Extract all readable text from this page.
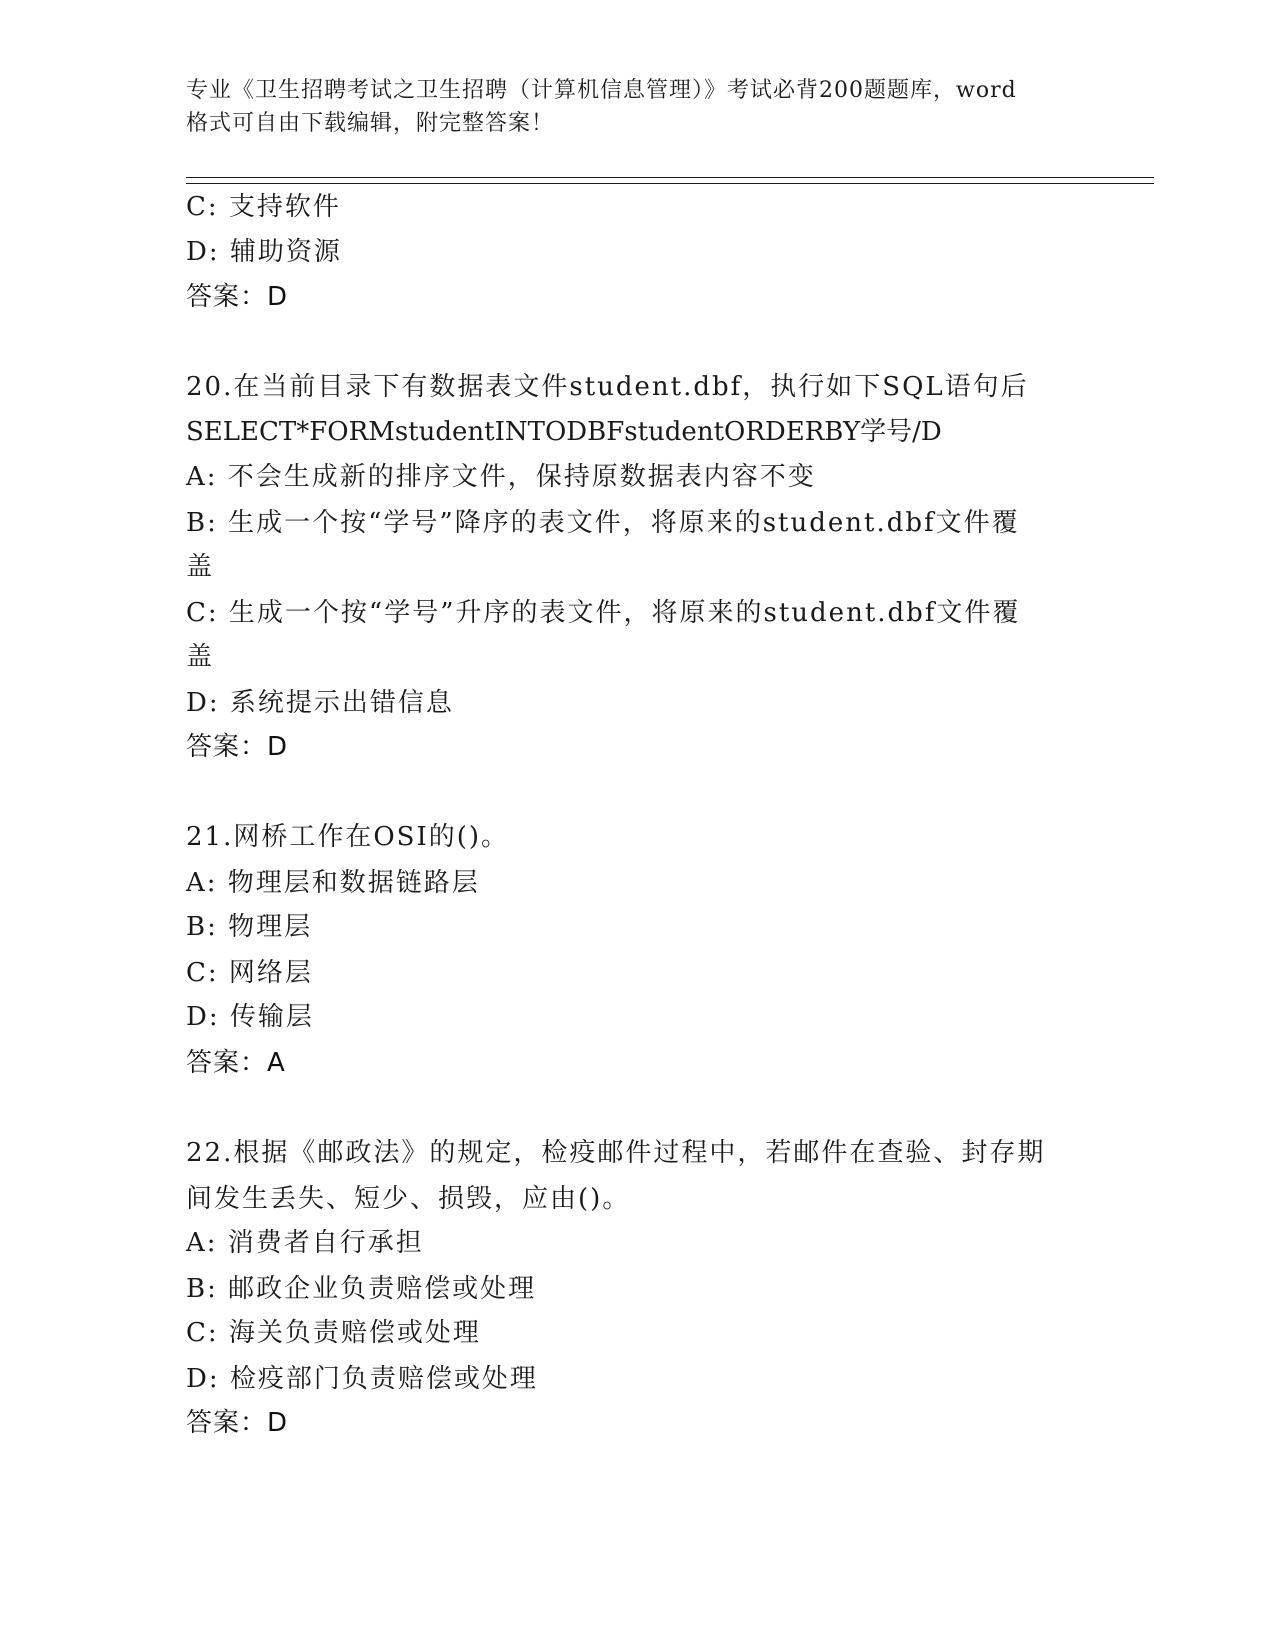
专业《卫生招聘考试之卫生招聘（计算机信息管理）》考试必背200题题库，word
格式可自由下载编辑，附完整答案！
C: 支持软件
D: 辅助资源
答案：D
20.在当前目录下有数据表文件student.dbf，执行如下SQL语句后
SELECT*FORMstudentINTODBFstudentORDERBY学号/D
A: 不会生成新的排序文件，保持原数据表内容不变
B: 生成一个按“学号”降序的表文件，将原来的student.dbf文件覆
盖
C: 生成一个按“学号”升序的表文件，将原来的student.dbf文件覆
盖
D: 系统提示出错信息
答案：D
21.网桥工作在OSI的()。
A: 物理层和数据链路层
B: 物理层
C: 网络层
D: 传输层
答案：A
22.根据《邮政法》的规定，检疫邮件过程中，若邮件在查验、封存期
间发生丢失、短少、损毁，应由()。
A: 消费者自行承担
B: 邮政企业负责赔偿或处理
C: 海关负责赔偿或处理
D: 检疫部门负责赔偿或处理
答案：D
